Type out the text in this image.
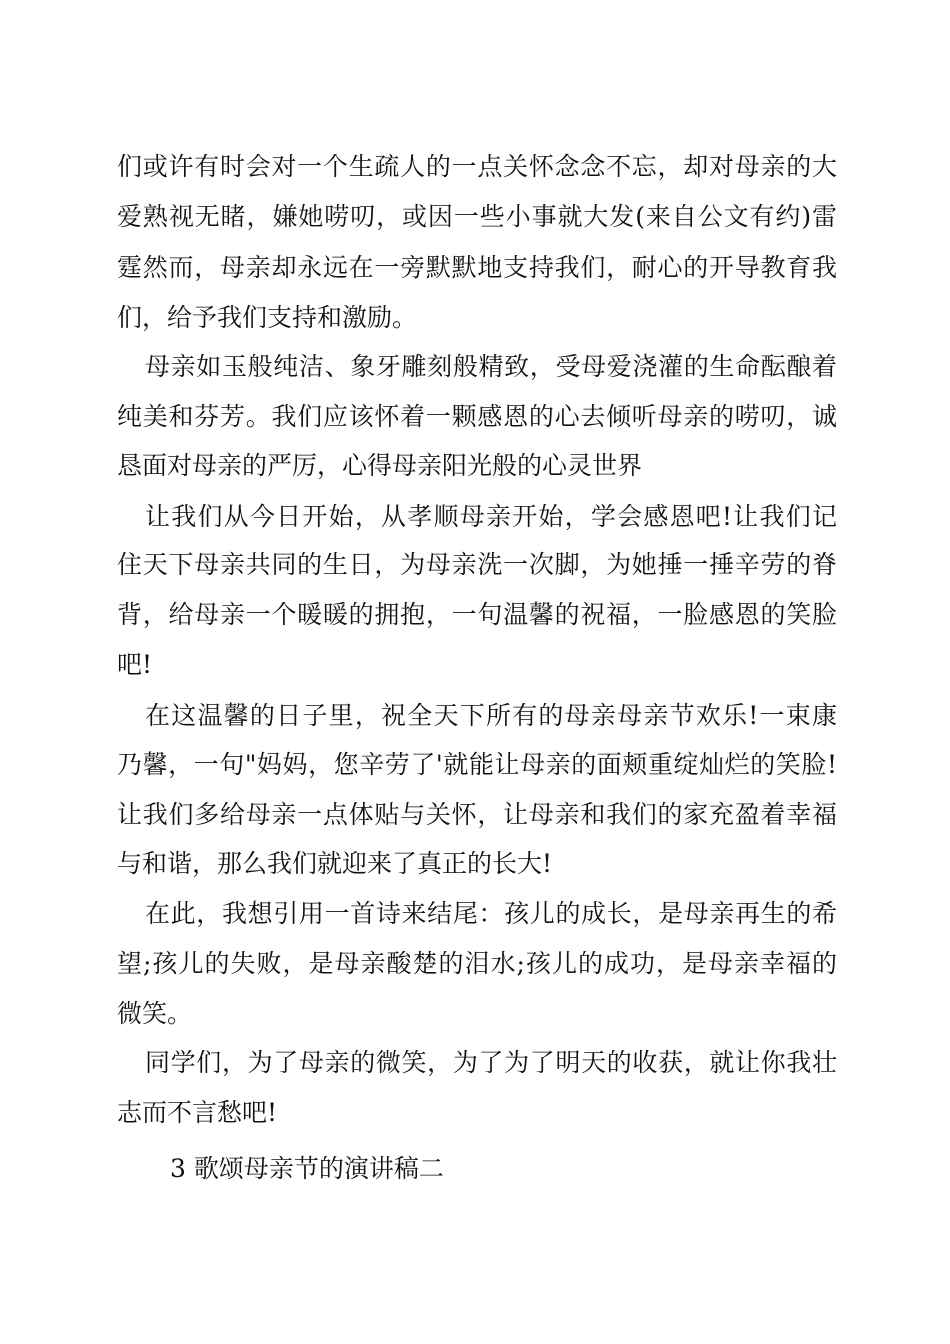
们或许有时会对一个生疏人的一点关怀念念不忘，却对母亲的大
爱熟视无睹，嫌她唠叨，或因一些小事就大发(来自公文有约)雷
霆然而，母亲却永远在一旁默默地支持我们，耐心的开导教育我
们，给予我们支持和激励。
母亲如玉般纯洁、象牙雕刻般精致，受母爱浇灌的生命酝酿着
纯美和芬芳。我们应该怀着一颗感恩的心去倾听母亲的唠叨，诚
恳面对母亲的严厉，心得母亲阳光般的心灵世界
让我们从今日开始，从孝顺母亲开始，学会感恩吧!让我们记
住天下母亲共同的生日，为母亲洗一次脚，为她捶一捶辛劳的脊
背，给母亲一个暖暖的拥抱，一句温馨的祝福，一脸感恩的笑脸
吧!
在这温馨的日子里，祝全天下所有的母亲母亲节欢乐!一束康
乃馨，一句"妈妈，您辛劳了'就能让母亲的面颊重绽灿烂的笑脸!
让我们多给母亲一点体贴与关怀，让母亲和我们的家充盈着幸福
与和谐，那么我们就迎来了真正的长大!
在此，我想引用一首诗来结尾：孩儿的成长，是母亲再生的希
望;孩儿的失败，是母亲酸楚的泪水;孩儿的成功，是母亲幸福的
微笑。
同学们，为了母亲的微笑，为了为了明天的收获，就让你我壮
志而不言愁吧!
3 歌颂母亲节的演讲稿二
